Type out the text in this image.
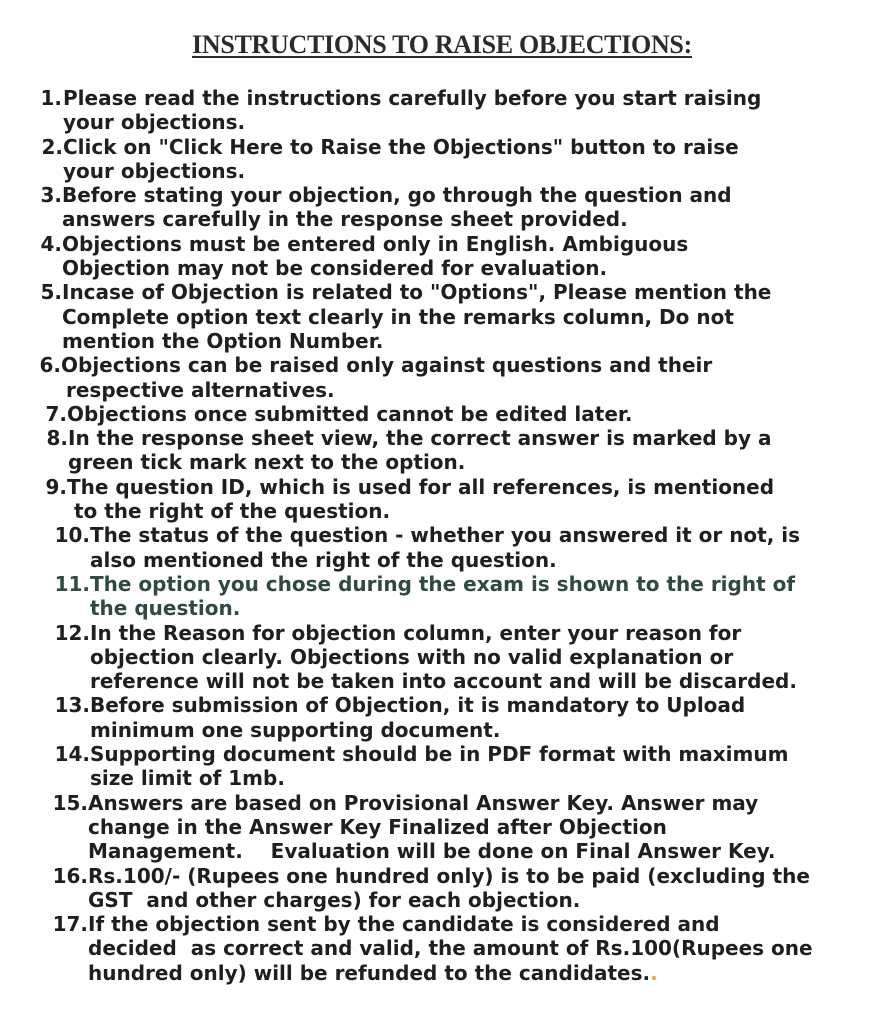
INSTRUCTIONS TO RAISE OBJECTIONS:
1. Please read the instructions carefully before you start raising
your objections.
2. Click on "Click Here to Raise the Objections" button to raise
your objections.
3. Before stating your objection, go through the question and
answers carefully in the response sheet provided.
4. Objections must be entered only in English. Ambiguous
Objection may not be considered for evaluation.
5. Incase of Objection is related to "Options", Please mention the
Complete option text clearly in the remarks column, Do not
mention the Option Number.
6. Objections can be raised only against questions and their
respective alternatives.
7. Objections once submitted cannot be edited later.
8. In the response sheet view, the correct answer is marked by a
green tick mark next to the option.
9. The question ID, which is used for all references, is mentioned
to the right of the question.
10. The status of the question - whether you answered it or not, is
also mentioned the right of the question.
11. The option you chose during the exam is shown to the right of
the question.
12. In the Reason for objection column, enter your reason for
objection clearly. Objections with no valid explanation or
reference will not be taken into account and will be discarded.
13. Before submission of Objection, it is mandatory to Upload
minimum one supporting document.
14. Supporting document should be in PDF format with maximum
size limit of 1mb.
15. Answers are based on Provisional Answer Key. Answer may
change in the Answer Key Finalized after Objection
Management.    Evaluation will be done on Final Answer Key.
16. Rs.100/- (Rupees one hundred only) is to be paid (excluding the
GST  and other charges) for each objection.
17. If the objection sent by the candidate is considered and
decided  as correct and valid, the amount of Rs.100(Rupees one
hundred only) will be refunded to the candidates..
